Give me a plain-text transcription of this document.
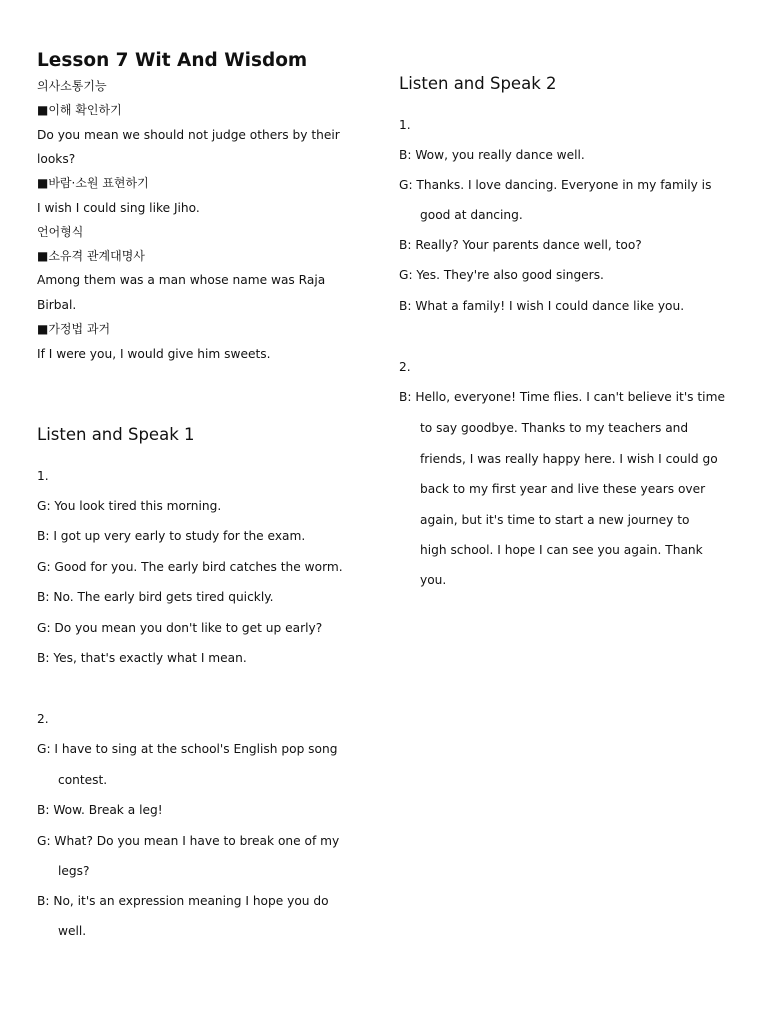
Lesson 7 Wit And Wisdom
의사소통기능
■이해 확인하기
Do you mean we should not judge others by their
looks?
■바람·소원 표현하기
I wish I could sing like Jiho.
언어형식
■소유격 관계대명사
Among them was a man whose name was Raja
Birbal.
■가정법 과거
If I were you, I would give him sweets.
Listen and Speak 1
1.
G: You look tired this morning.
B: I got up very early to study for the exam.
G: Good for you. The early bird catches the worm.
B: No. The early bird gets tired quickly.
G: Do you mean you don't like to get up early?
B: Yes, that's exactly what I mean.
2.
G: I have to sing at the school's English pop song
contest.
B: Wow. Break a leg!
G: What? Do you mean I have to break one of my
legs?
B: No, it's an expression meaning I hope you do
well.
Listen and Speak 2
1.
B: Wow, you really dance well.
G: Thanks. I love dancing. Everyone in my family is
good at dancing.
B: Really? Your parents dance well, too?
G: Yes. They're also good singers.
B: What a family! I wish I could dance like you.
2.
B: Hello, everyone! Time flies. I can't believe it's time
to say goodbye. Thanks to my teachers and
friends, I was really happy here. I wish I could go
back to my first year and live these years over
again, but it's time to start a new journey to
high school. I hope I can see you again. Thank
you.
